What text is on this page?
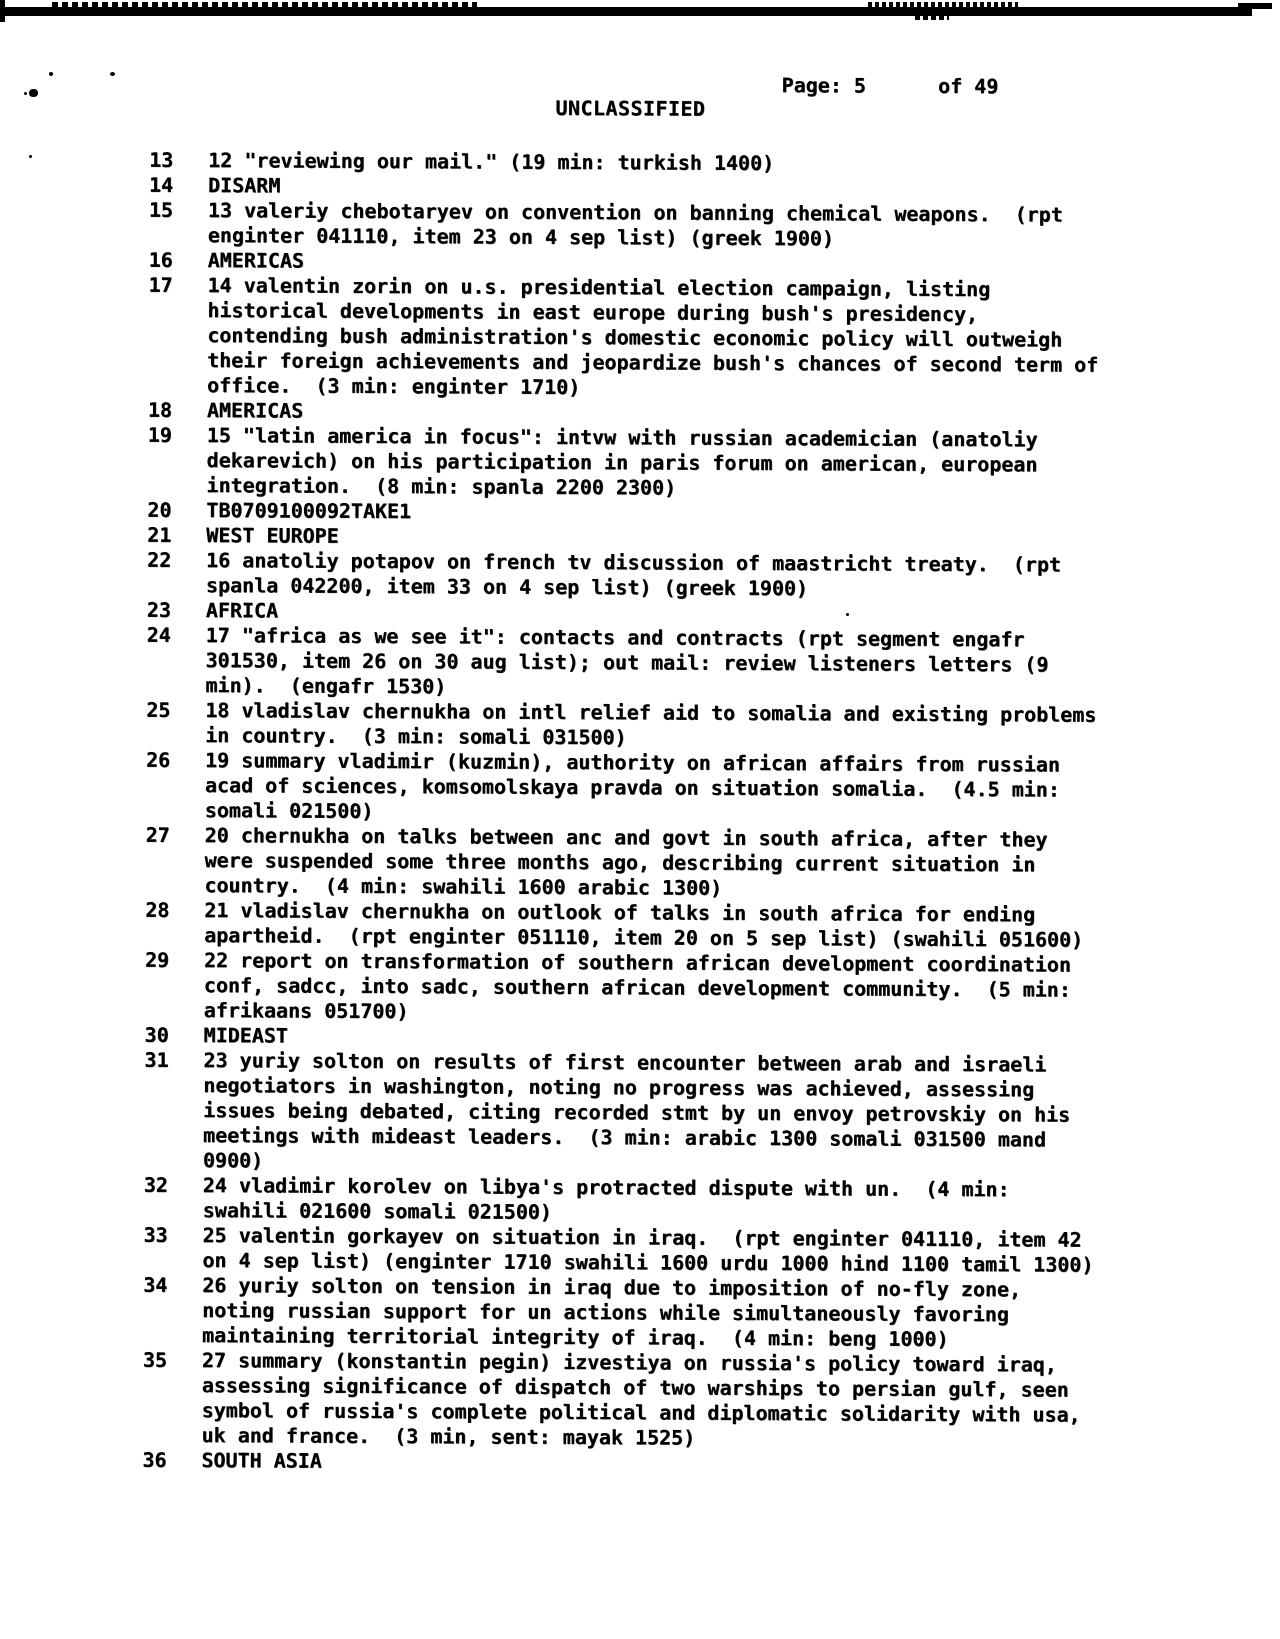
Page: 5      of 49
UNCLASSIFIED
13	12 "reviewing our mail." (19 min: turkish 1400)
14	DISARM
15	13 valeriy chebotaryev on convention on banning chemical weapons.  (rpt
enginter 041110, item 23 on 4 sep list) (greek 1900)
16	AMERICAS
17	14 valentin zorin on u.s. presidential election campaign, listing
historical developments in east europe during bush's presidency,
contending bush administration's domestic economic policy will outweigh
their foreign achievements and jeopardize bush's chances of second term of
office.  (3 min: enginter 1710)
18	AMERICAS
19	15 "latin america in focus": intvw with russian academician (anatoliy
dekarevich) on his participation in paris forum on american, european
integration.  (8 min: spanla 2200 2300)
20	TB0709100092TAKE1
21	WEST EUROPE
22	16 anatoliy potapov on french tv discussion of maastricht treaty.  (rpt
spanla 042200, item 33 on 4 sep list) (greek 1900)
23	AFRICA
24	17 "africa as we see it": contacts and contracts (rpt segment engafr
301530, item 26 on 30 aug list); out mail: review listeners letters (9
min).  (engafr 1530)
25	18 vladislav chernukha on intl relief aid to somalia and existing problems
in country.  (3 min: somali 031500)
26	19 summary vladimir (kuzmin), authority on african affairs from russian
acad of sciences, komsomolskaya pravda on situation somalia.  (4.5 min:
somali 021500)
27	20 chernukha on talks between anc and govt in south africa, after they
were suspended some three months ago, describing current situation in
country.  (4 min: swahili 1600 arabic 1300)
28	21 vladislav chernukha on outlook of talks in south africa for ending
apartheid.  (rpt enginter 051110, item 20 on 5 sep list) (swahili 051600)
29	22 report on transformation of southern african development coordination
conf, sadcc, into sadc, southern african development community.  (5 min:
afrikaans 051700)
30	MIDEAST
31	23 yuriy solton on results of first encounter between arab and israeli
negotiators in washington, noting no progress was achieved, assessing
issues being debated, citing recorded stmt by un envoy petrovskiy on his
meetings with mideast leaders.  (3 min: arabic 1300 somali 031500 mand
0900)
32	24 vladimir korolev on libya's protracted dispute with un.  (4 min:
swahili 021600 somali 021500)
33	25 valentin gorkayev on situation in iraq.  (rpt enginter 041110, item 42
on 4 sep list) (enginter 1710 swahili 1600 urdu 1000 hind 1100 tamil 1300)
34	26 yuriy solton on tension in iraq due to imposition of no-fly zone,
noting russian support for un actions while simultaneously favoring
maintaining territorial integrity of iraq.  (4 min: beng 1000)
35	27 summary (konstantin pegin) izvestiya on russia's policy toward iraq,
assessing significance of dispatch of two warships to persian gulf, seen
symbol of russia's complete political and diplomatic solidarity with usa,
uk and france.  (3 min, sent: mayak 1525)
36	SOUTH ASIA
